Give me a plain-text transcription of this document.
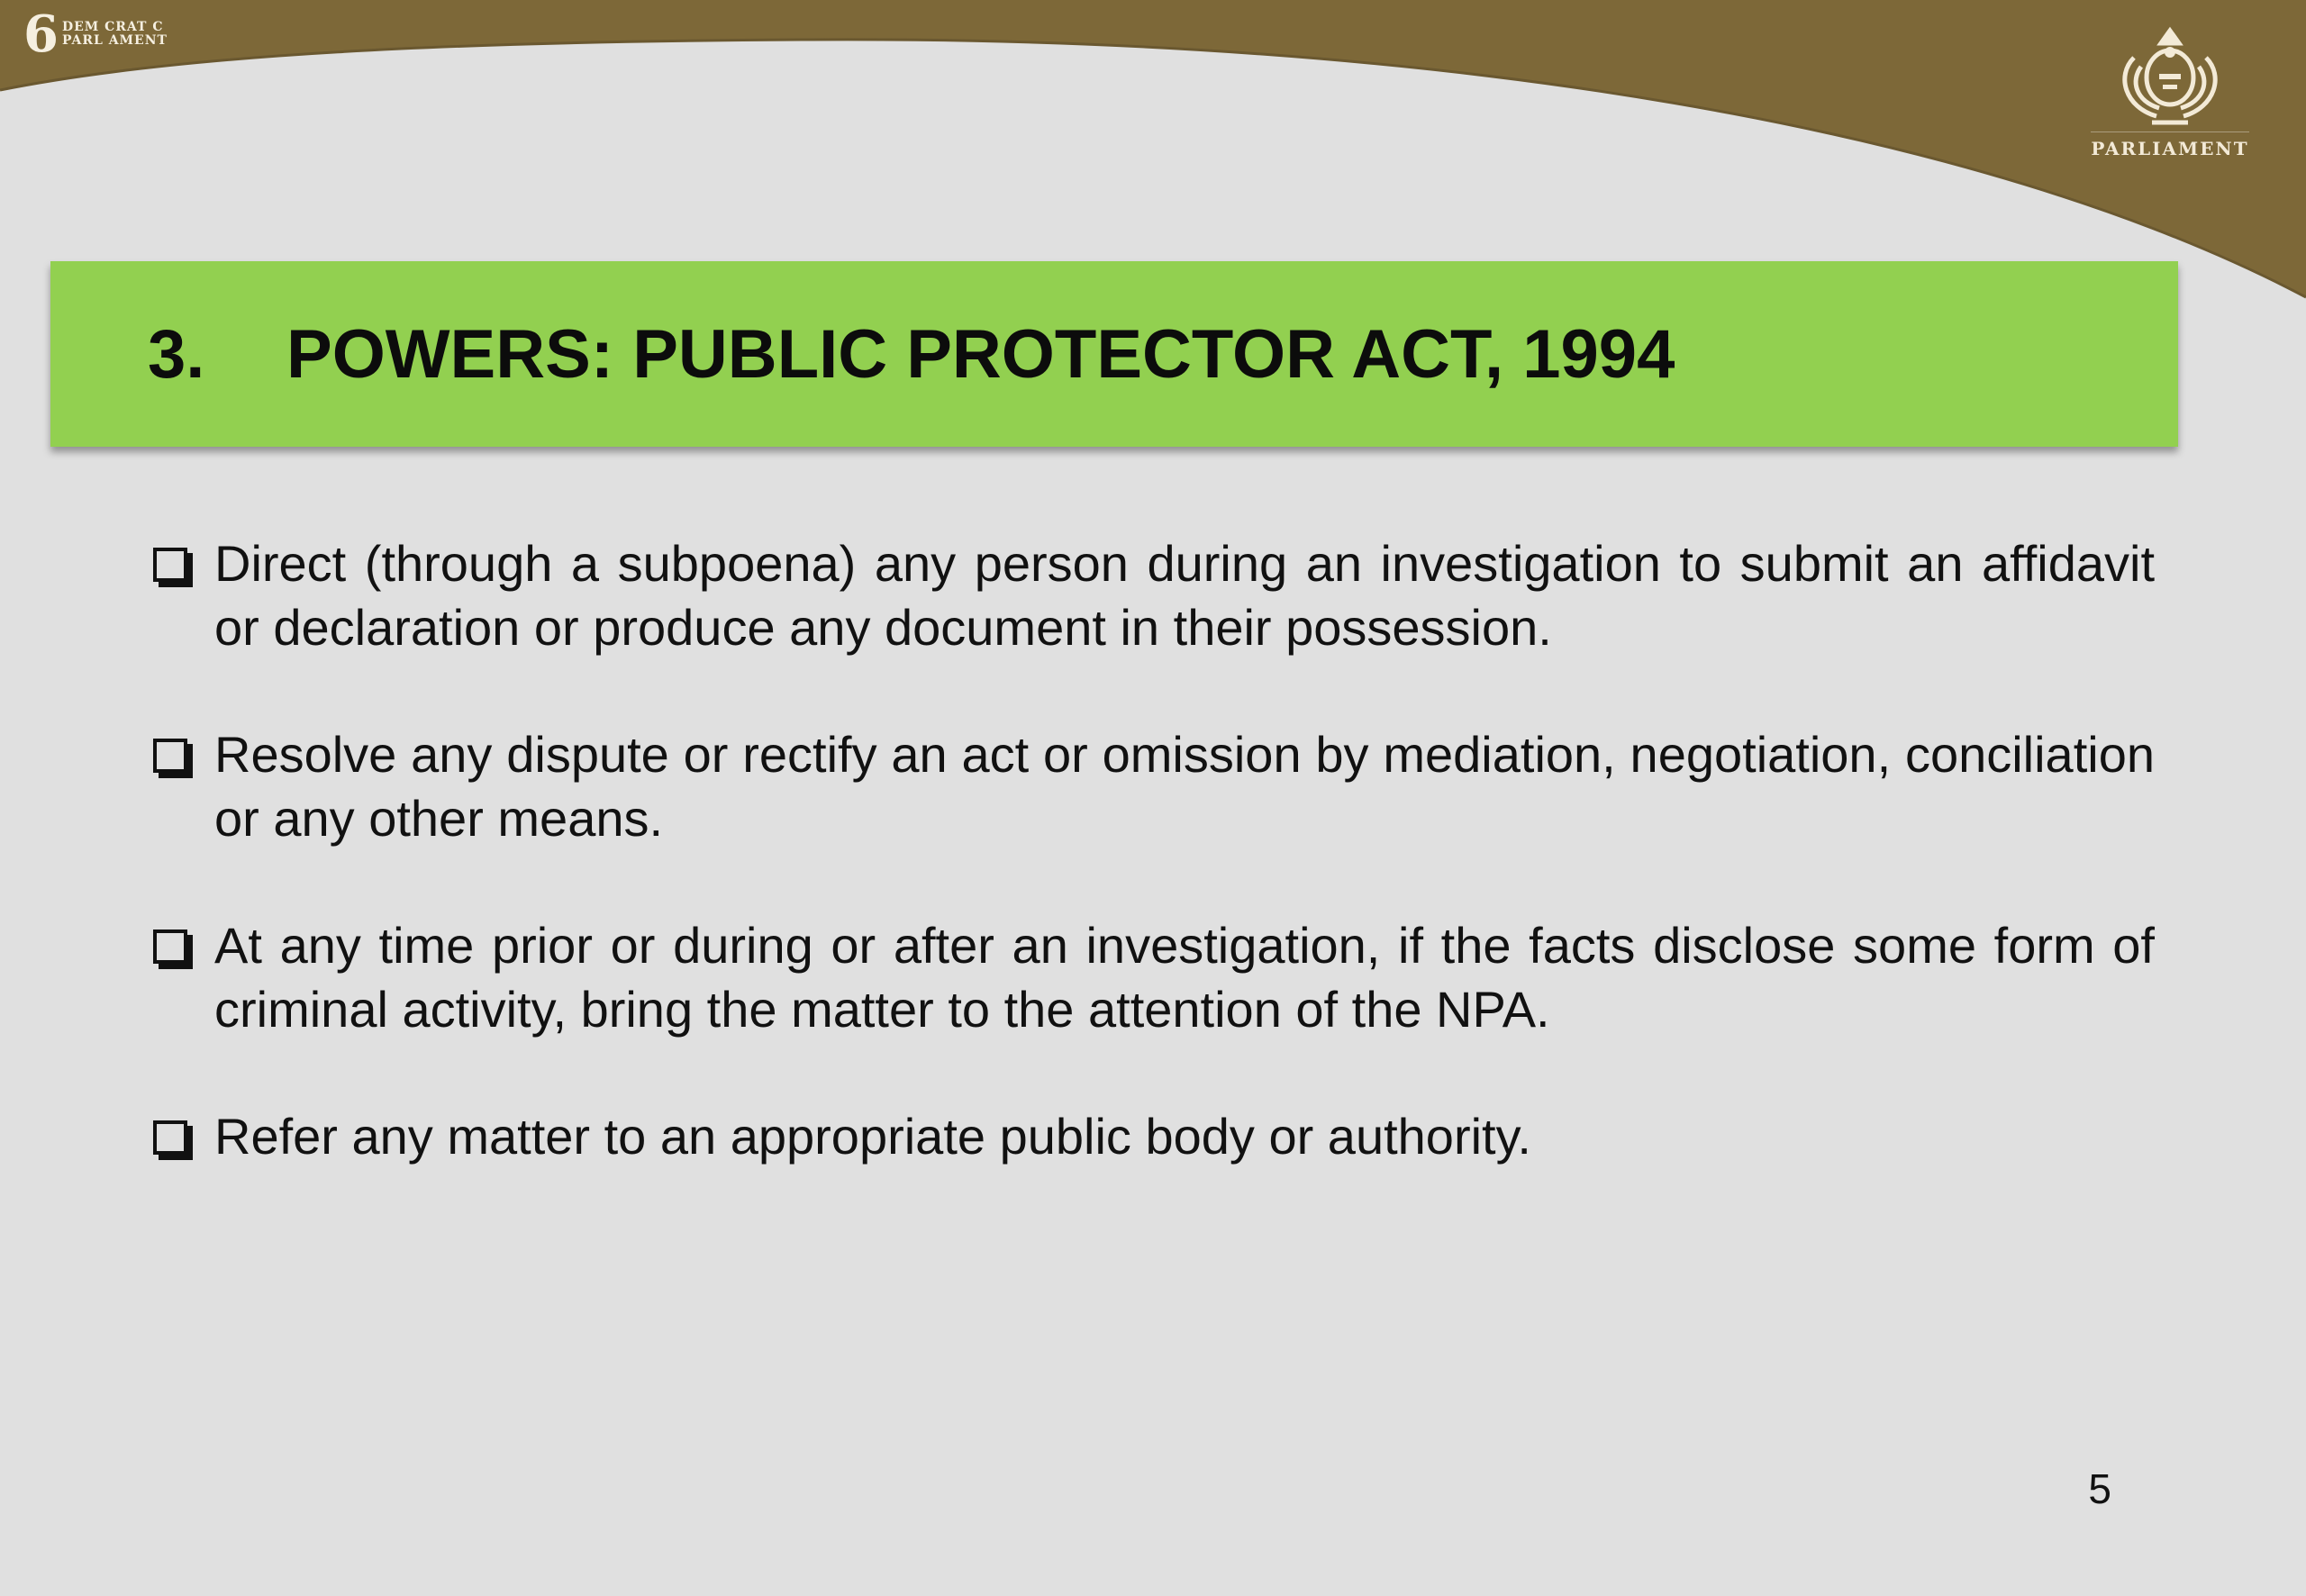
6 DEM CRAT C
PARL AMENT
PARLIAMENT
3. POWERS: PUBLIC PROTECTOR ACT, 1994
Direct (through a subpoena) any person during an investigation to submit an affidavit or declaration or produce any document in their possession.
Resolve any dispute or rectify an act or omission by mediation, negotiation, conciliation or any other means.
At any time prior or during or after an investigation, if the facts disclose some form of criminal activity, bring the matter to the attention of the NPA.
Refer any matter to an appropriate public body or authority.
5
